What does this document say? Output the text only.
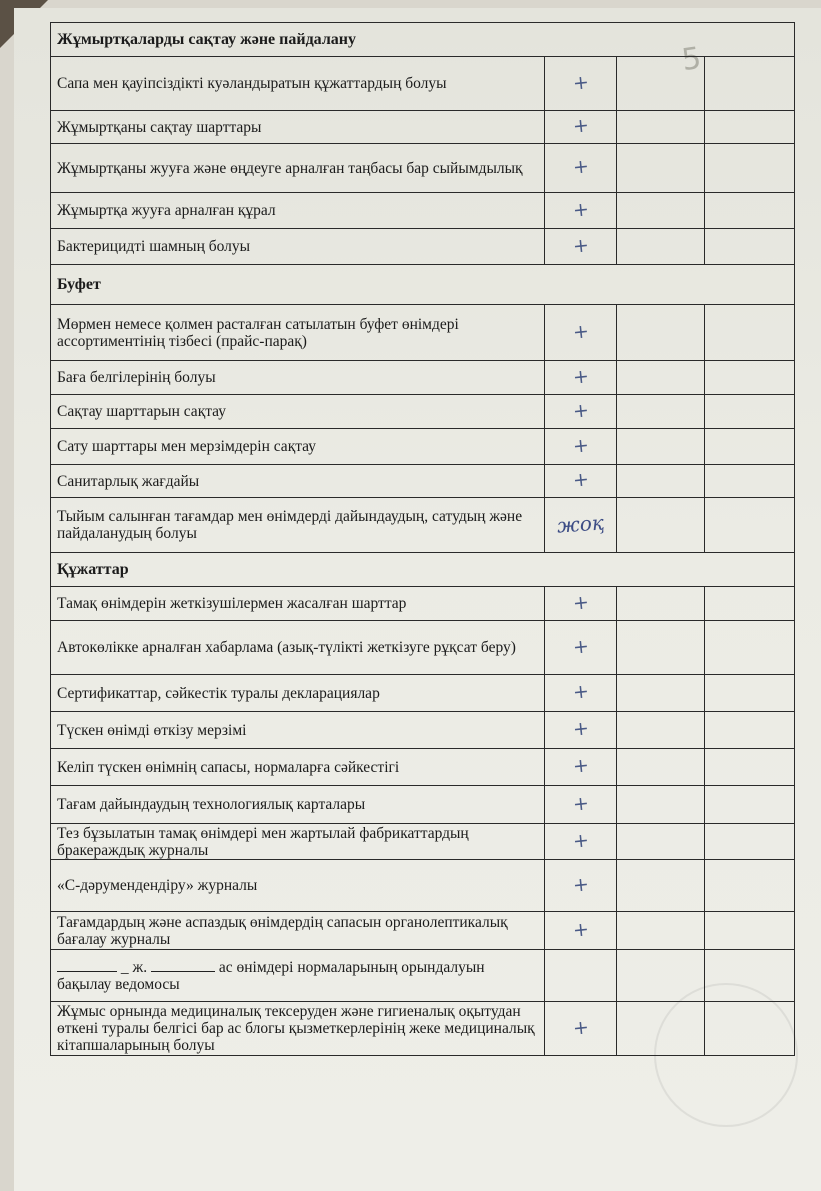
5
Жұмыртқаларды сақтау және пайдалану			
Сапа мен қауіпсіздікті куәландыратын құжаттардың болуы	+		
Жұмыртқаны сақтау шарттары	+		
Жұмыртқаны жууға және өңдеуге арналған таңбасы бар сыйымдылық	+		
Жұмыртқа жууға арналған құрал	+		
Бактерицидті шамның болуы	+		
Буфет			
Мөрмен немесе қолмен расталған сатылатын буфет өнімдері ассортиментінің тізбесі (прайс-парақ)	+		
Баға белгілерінің болуы	+		
Сақтау шарттарын сақтау	+		
Сату шарттары мен мерзімдерін сақтау	+		
Санитарлық жағдайы	+		
Тыйым салынған тағамдар мен өнімдерді дайындаудың, сатудың және пайдаланудың болуы	жоқ		
Құжаттар			
Тамақ өнімдерін жеткізушілермен жасалған шарттар	+		
Автокөлікке арналған хабарлама (азық-түлікті жеткізуге рұқсат беру)	+		
Сертификаттар, сәйкестік туралы декларациялар	+		
Түскен өнімді өткізу мерзімі	+		
Келіп түскен өнімнің сапасы, нормаларға сәйкестігі	+		
Тағам дайындаудың технологиялық карталары	+		
Тез бұзылатын тамақ өнімдері мен жартылай фабрикаттардың бракераждық журналы	+		
«С-дәрумендендіру» журналы	+		
Тағамдардың және аспаздық өнімдердің сапасын органолептикалық бағалау журналы	+		
_ ж. ас өнімдері нормаларының орындалуын бақылау ведомосы			
Жұмыс орнында медициналық тексеруден және гигиеналық оқытудан өткені туралы белгісі бар ас блогы қызметкерлерінің жеке медициналық кітапшаларының болуы	+		
